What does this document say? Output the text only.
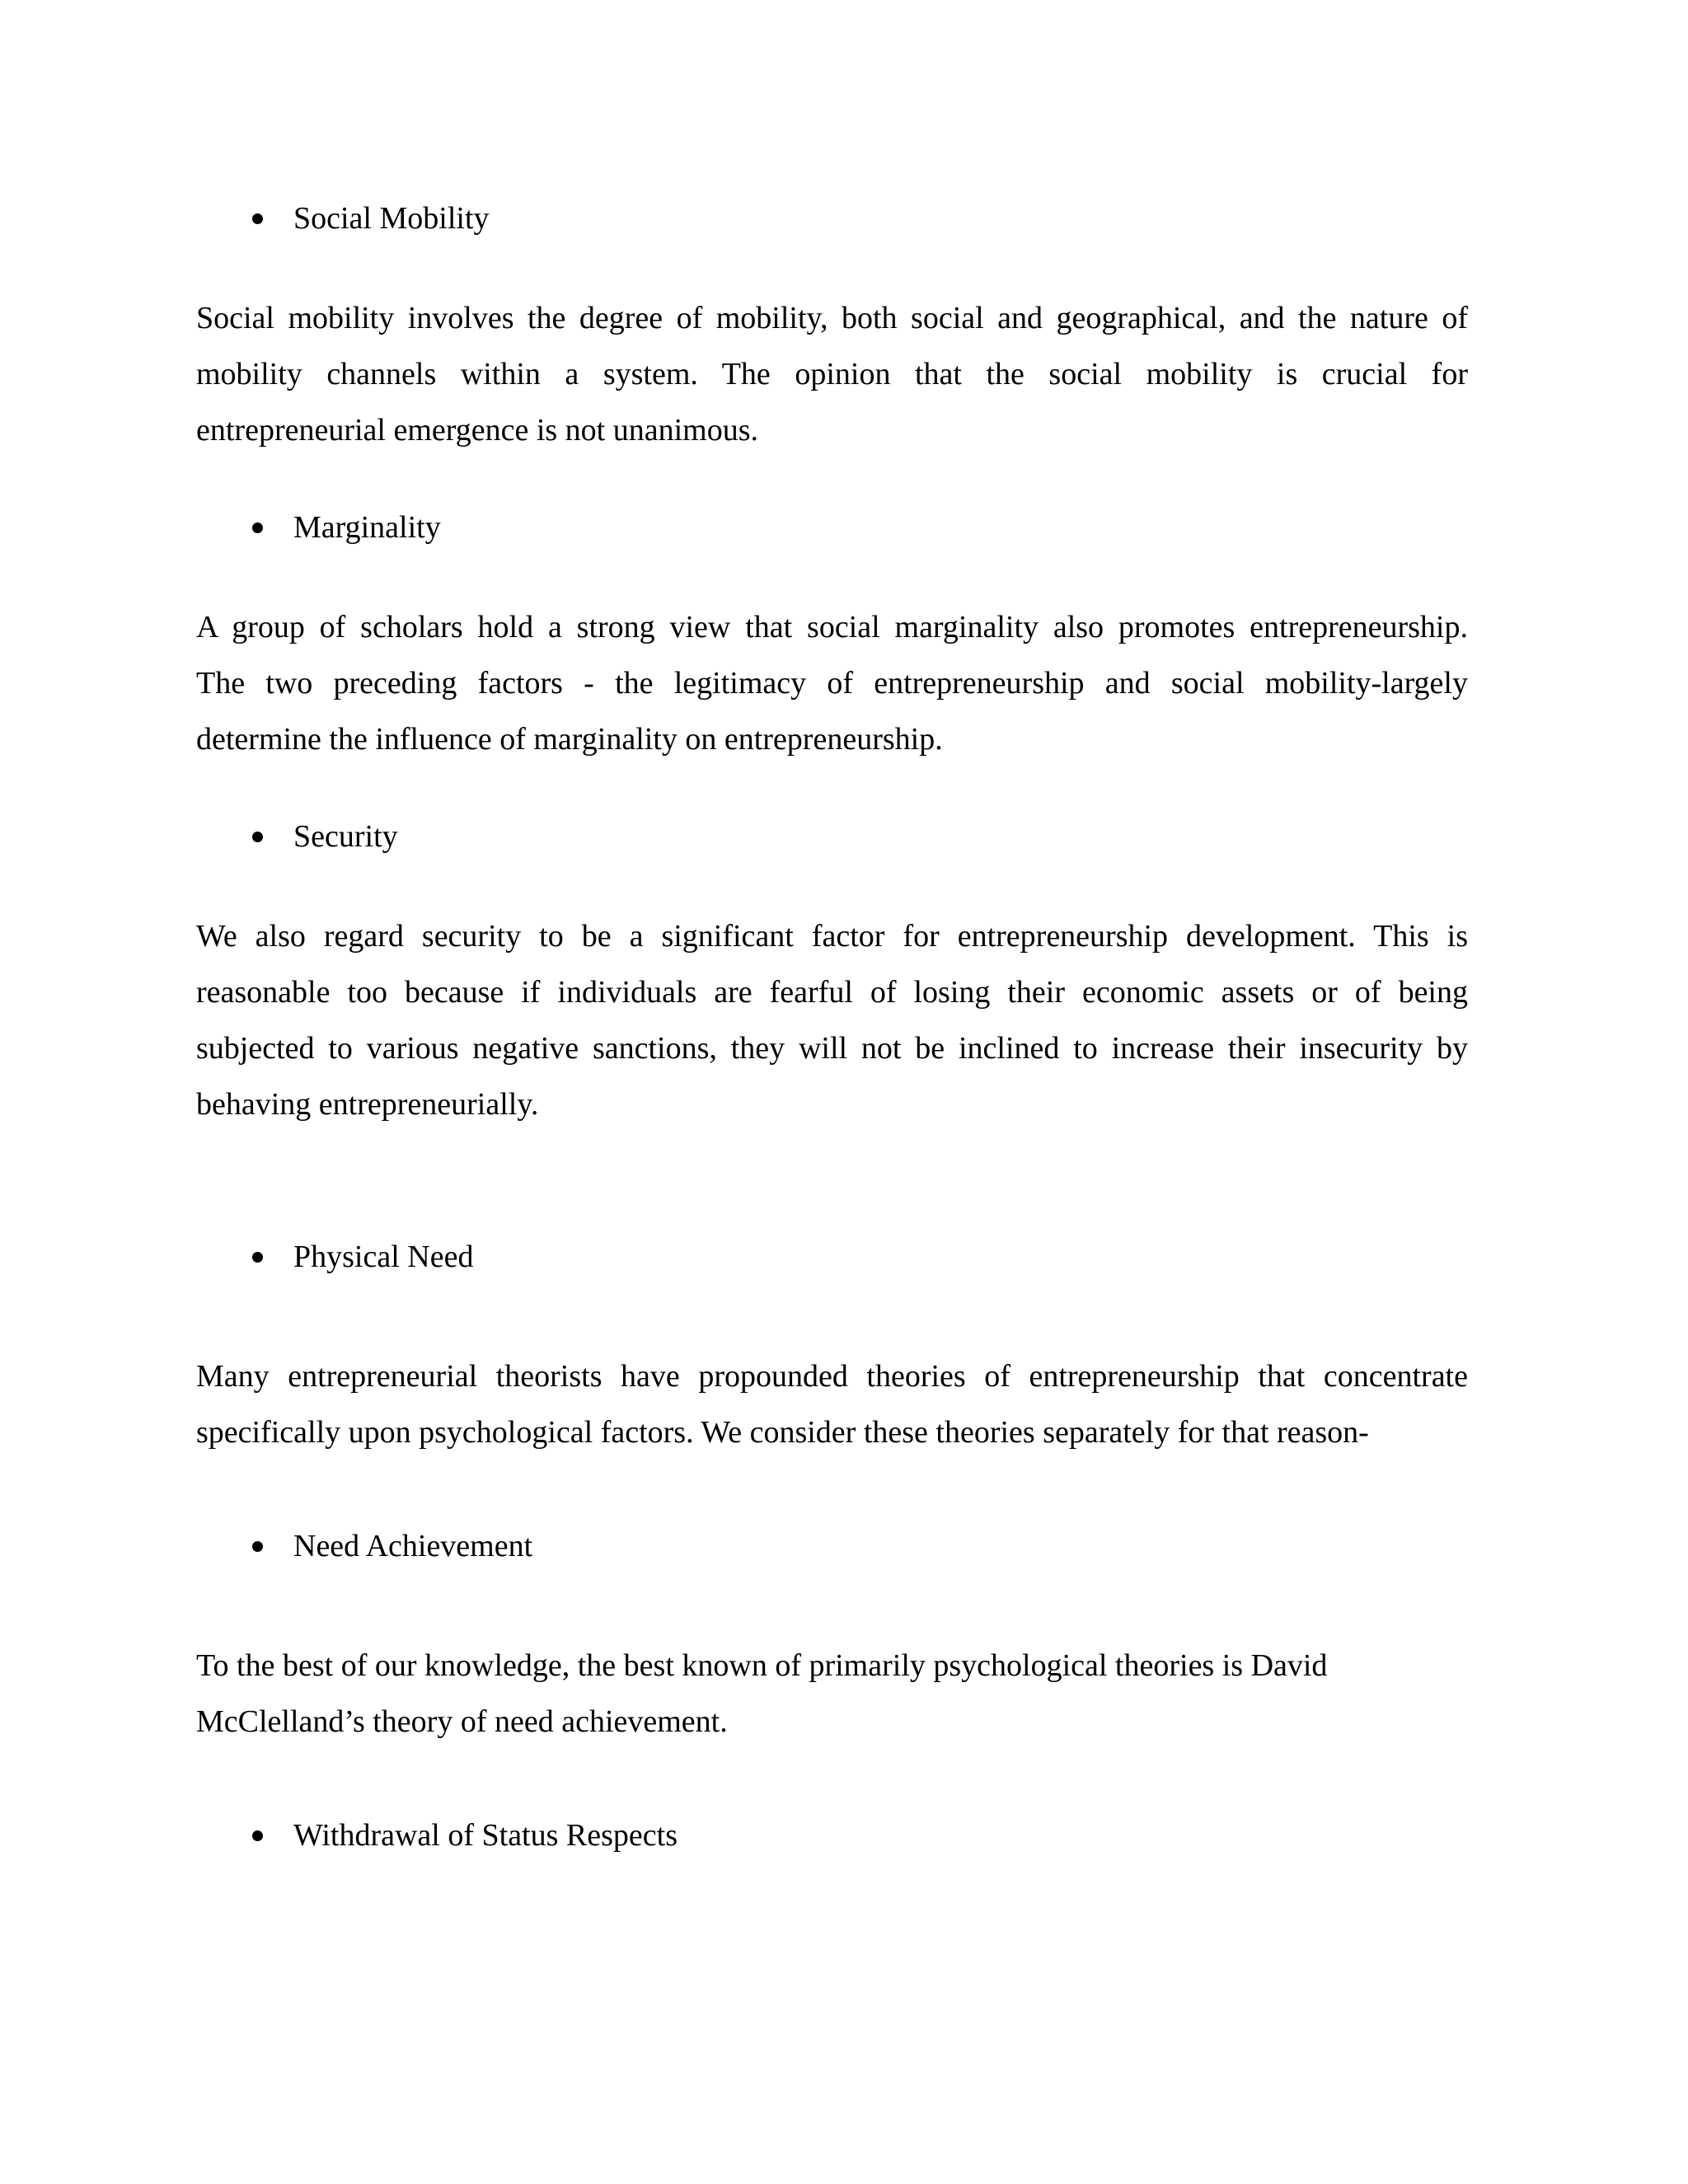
Social Mobility
Social mobility involves the degree of mobility, both social and geographical, and the nature of
mobility channels within a system. The opinion that the social mobility is crucial for
entrepreneurial emergence is not unanimous.
Marginality
A group of scholars hold a strong view that social marginality also promotes entrepreneurship.
The two preceding factors - the legitimacy of entrepreneurship and social mobility-largely
determine the influence of marginality on entrepreneurship.
Security
We also regard security to be a significant factor for entrepreneurship development. This is
reasonable too because if individuals are fearful of losing their economic assets or of being
subjected to various negative sanctions, they will not be inclined to increase their insecurity by
behaving entrepreneurially.
Physical Need
Many entrepreneurial theorists have propounded theories of entrepreneurship that concentrate
specifically upon psychological factors. We consider these theories separately for that reason-
Need Achievement
To the best of our knowledge, the best known of primarily psychological theories is David
McClelland’s theory of need achievement.
Withdrawal of Status Respects
